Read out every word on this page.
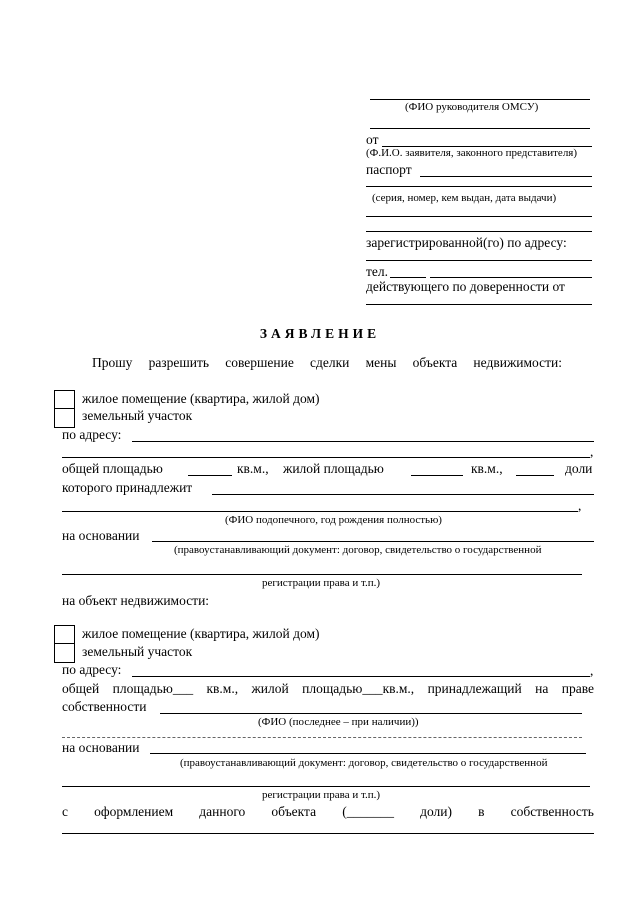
(ФИО руководителя ОМСУ)
от
(Ф.И.О. заявителя, законного представителя)
паспорт
(серия, номер, кем выдан, дата выдачи)
зарегистрированной(го) по адресу:
тел.
действующего по доверенности от
ЗАЯВЛЕНИЕ
Прошу разрешить совершение сделки мены объекта недвижимости:
жилое помещение (квартира, жилой дом)
земельный участок
по адресу:
,
общей площадью	кв.м., жилой площадью	кв.м.,	доли
которого принадлежит
,
(ФИО подопечного, год рождения полностью)
на основании
(правоустанавливающий документ: договор, свидетельство о государственной
регистрации права и т.п.)
на объект недвижимости:
жилое помещение (квартира, жилой дом)
земельный участок
по адресу:	,
общей площадью___ кв.м., жилой площадью___кв.м., принадлежащий на праве
собственности
(ФИО (последнее – при наличии))
на основании
(правоустанавливающий документ: договор, свидетельство о государственной
регистрации права и т.п.)
с оформлением данного объекта (_______ доли) в собственность
